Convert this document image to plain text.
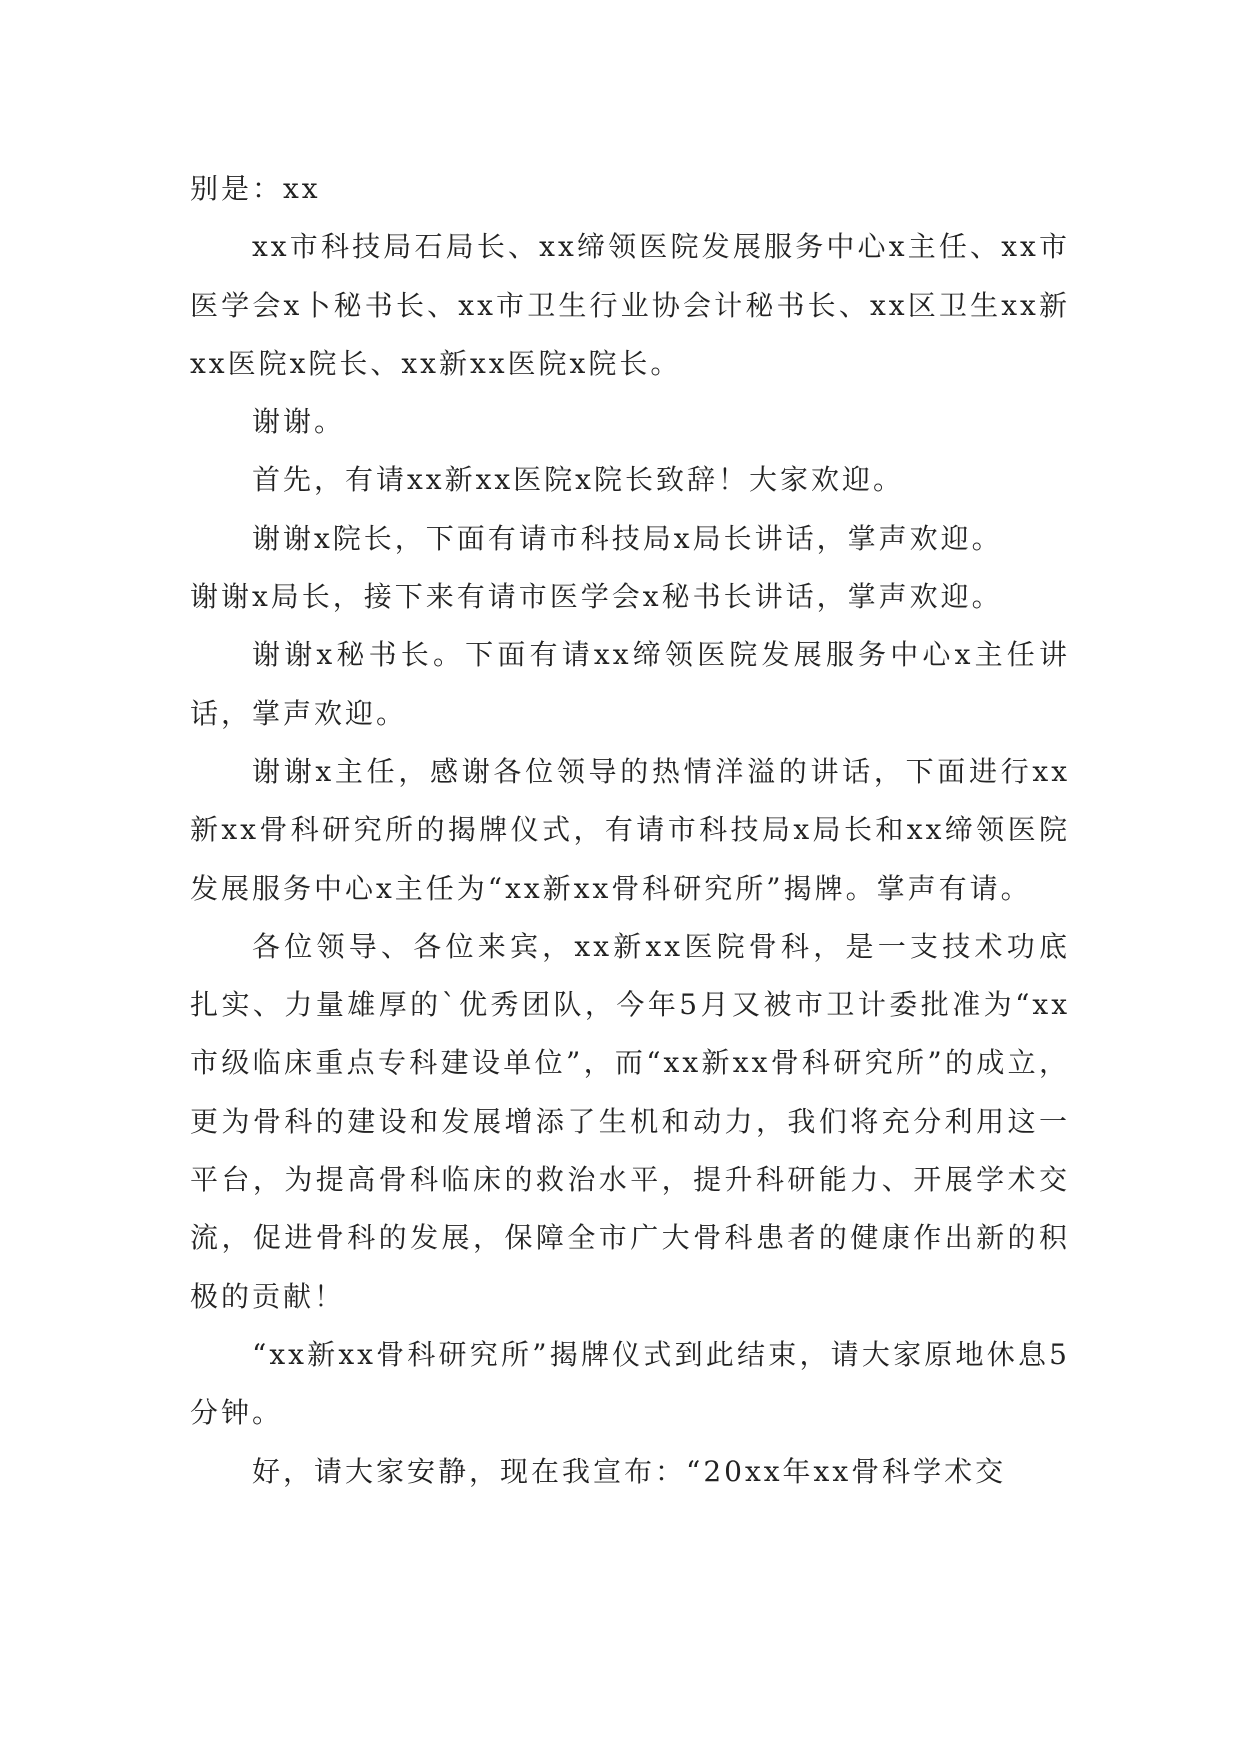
别是：xx

xx市科技局石局长、xx缔领医院发展服务中心x主任、xx市医学会x卜秘书长、xx市卫生行业协会计秘书长、xx区卫生xx新xx医院x院长、xx新xx医院x院长。

谢谢。

首先，有请xx新xx医院x院长致辞！大家欢迎。

谢谢x院长，下面有请市科技局x局长讲话，掌声欢迎。

谢谢x局长，接下来有请市医学会x秘书长讲话，掌声欢迎。

谢谢x秘书长。下面有请xx缔领医院发展服务中心x主任讲话，掌声欢迎。

谢谢x主任，感谢各位领导的热情洋溢的讲话，下面进行xx新xx骨科研究所的揭牌仪式，有请市科技局x局长和xx缔领医院发展服务中心x主任为“xx新xx骨科研究所”揭牌。掌声有请。

各位领导、各位来宾，xx新xx医院骨科，是一支技术功底扎实、力量雄厚的`优秀团队，今年5月又被市卫计委批准为“xx市级临床重点专科建设单位”，而“xx新xx骨科研究所”的成立，更为骨科的建设和发展增添了生机和动力，我们将充分利用这一平台，为提高骨科临床的救治水平，提升科研能力、开展学术交流，促进骨科的发展，保障全市广大骨科患者的健康作出新的积极的贡献！

“xx新xx骨科研究所”揭牌仪式到此结束，请大家原地休息5分钟。

好，请大家安静，现在我宣布：“20xx年xx骨科学术交
